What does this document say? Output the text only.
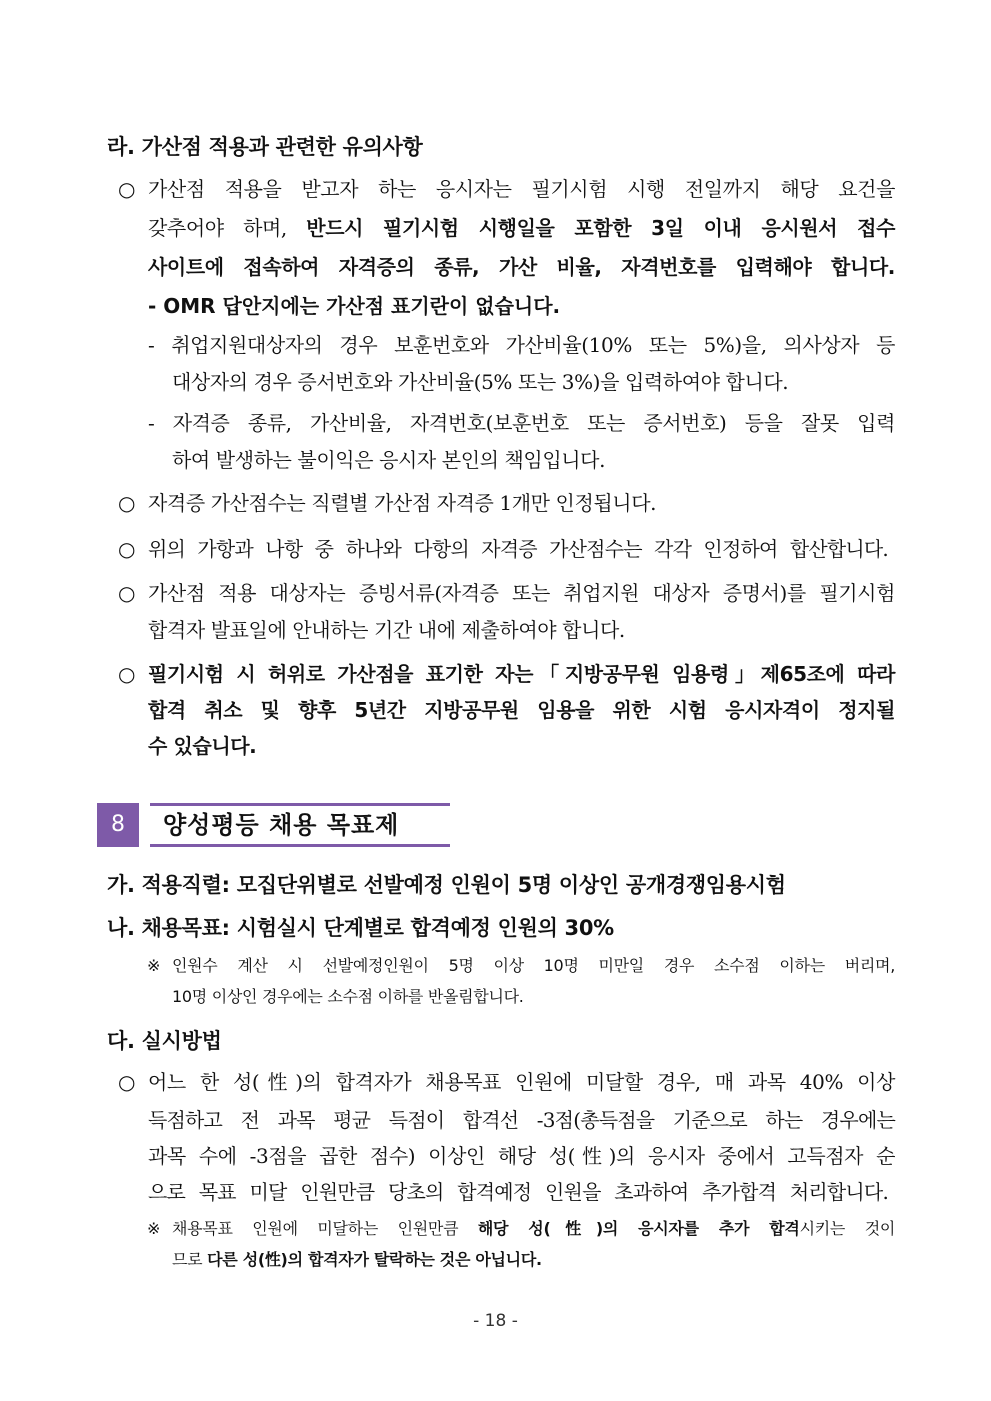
라. 가산점 적용과 관련한 유의사항
○ 가산점 적용을 받고자 하는 응시자는 필기시험 시행 전일까지 해당 요건을
갖추어야 하며, 반드시 필기시험 시행일을 포함한 3일 이내 응시원서 접수
사이트에 접속하여 자격증의 종류, 가산 비율, 자격번호를 입력해야 합니다.
- OMR 답안지에는 가산점 표기란이 없습니다.
- 취업지원대상자의 경우 보훈번호와 가산비율(10% 또는 5%)을, 의사상자 등
대상자의 경우 증서번호와 가산비율(5% 또는 3%)을 입력하여야 합니다.
- 자격증 종류, 가산비율, 자격번호(보훈번호 또는 증서번호) 등을 잘못 입력
하여 발생하는 불이익은 응시자 본인의 책임입니다.
○ 자격증 가산점수는 직렬별 가산점 자격증 1개만 인정됩니다.
○ 위의 가항과 나항 중 하나와 다항의 자격증 가산점수는 각각 인정하여 합산합니다.
○ 가산점 적용 대상자는 증빙서류(자격증 또는 취업지원 대상자 증명서)를 필기시험
합격자 발표일에 안내하는 기간 내에 제출하여야 합니다.
○ 필기시험 시 허위로 가산점을 표기한 자는「지방공무원 임용령」제65조에 따라
합격 취소 및 향후 5년간 지방공무원 임용을 위한 시험 응시자격이 정지될
수 있습니다.
8	양성평등 채용 목표제
가. 적용직렬: 모집단위별로 선발예정 인원이 5명 이상인 공개경쟁임용시험
나. 채용목표: 시험실시 단계별로 합격예정 인원의 30%
※ 인원수 계산 시 선발예정인원이 5명 이상 10명 미만일 경우 소수점 이하는 버리며,
10명 이상인 경우에는 소수점 이하를 반올림합니다.
다. 실시방법
○ 어느 한 성(性)의 합격자가 채용목표 인원에 미달할 경우, 매 과목 40% 이상
득점하고 전 과목 평균 득점이 합격선 -3점(총득점을 기준으로 하는 경우에는
과목 수에 -3점을 곱한 점수) 이상인 해당 성(性)의 응시자 중에서 고득점자 순
으로 목표 미달 인원만큼 당초의 합격예정 인원을 초과하여 추가합격 처리합니다.
※ 채용목표 인원에 미달하는 인원만큼 해당 성(性)의 응시자를 추가 합격시키는 것이
므로 다른 성(性)의 합격자가 탈락하는 것은 아닙니다.
- 18 -
